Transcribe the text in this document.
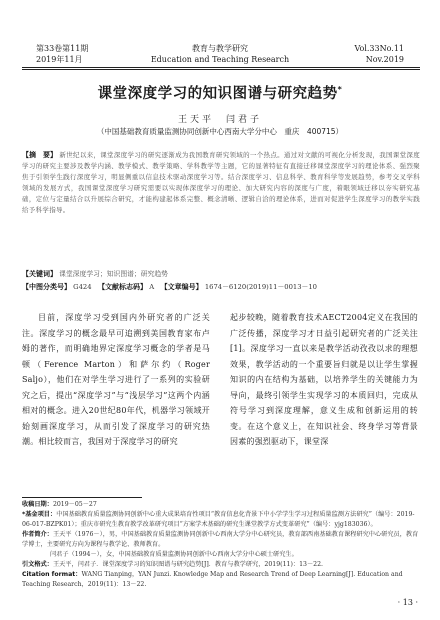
第33卷第11期
2019年11月
教育与教学研究
Education and Teaching Research
Vol.33No.11
Nov.2019
课堂深度学习的知识图谱与研究趋势*
王天平　闫君子
（中国基础教育质量监测协同创新中心西南大学分中心　重庆　400715）
【摘　要】 新世纪以来，课堂深度学习的研究逐渐成为我国教育研究领域的一个热点。通过对文献的可视化分析发现，我国课堂深度学习的研究主要涉及教学内涵、教学模式、教学策略、学科教学等主题，它的显著特征有直接迁移课堂深度学习的理论体系、强烈聚焦于引领学生践行深度学习，明显侧重以信息技术驱动深度学习等。结合深度学习、信息科学、教育科学等发展趋势，参考交叉学科领域的发展方式，我国课堂深度学习研究需要以实现体深度学习的理论、加大研究内容的深度与广度，着眼领域迁移以夯实研究基础，定位与定量结合以升展综合研究，才能构建起体系完整、概念清晰、逻辑自洽的理论体系，进而对促进学生深度学习的教学实践给予科学指导。
【关键词】 课堂深度学习；知识图谱；研究趋势
【中图分类号】 G424 【文献标志码】 A 【文章编号】 1674－6120(2019)11－0013－10
目前，深度学习受到国内外研究者的广泛关注。深度学习的概念最早可追溯到美国教育家布卢姆的著作，而明确地界定深度学习概念的学者是马顿（Ference Marton）和萨尔约（Roger Saljo），他们在对学生学习进行了一系列的实验研究之后，提出“深度学习”与“浅层学习”这两个内涵相对的概念。进入20世纪80年代，机器学习领域开始刻画深度学习，从而引发了深度学习的研究热潮。相比较而言，我国对于深度学习的研究
起步较晚，随着教育技术AECT2004定义在我国的广泛传播，深度学习才日益引起研究者的广泛关注[1]。深度学习一直以来是教学活动孜孜以求的理想效果，教学活动的一个重要旨归就是以让学生掌握知识的内在结构为基础，以培养学生的关键能力为导向，最终引领学生实现学习的本质回归，完成从符号学习到深度理解，意义生成和创新运用的转变。在这个意义上，在知识社会、终身学习等背景因素的强烈驱动下，课堂深
收稿日期：2019－05－27
*基金项目：中国基础教育质量监测协同创新中心重大成果培育性项目“教育信息化背景下中小学学生学习过程质量监测方法研究”（编号：2019-06-017-BZPK01）；重庆市研究生教育教学改革研究项目“方案学术基础的研究生课堂教学方式变革研究”（编号：yjg183036）。
作者简介：王天平（1976－），男，中国基础教育质量监测协同创新中心西南大学分中心研究员，教育部西南基础教育课程研究中心研究员，教育学博士，主要研究方向为课程与教学论、教师教育。
闫君子（1994－），女，中国基础教育质量监测协同创新中心西南大学分中心硕士研究生。
引文格式：王天平，闫君子．课堂深度学习的知识图谱与研究趋势[J]．教育与教学研究，2019(11)：13－22.
Citation format：WANG Tianping，YAN Junzi. Knowledge Map and Research Trend of Deep Learning[J]. Education and Teaching Research，2019(11)：13－22.
· 13 ·
